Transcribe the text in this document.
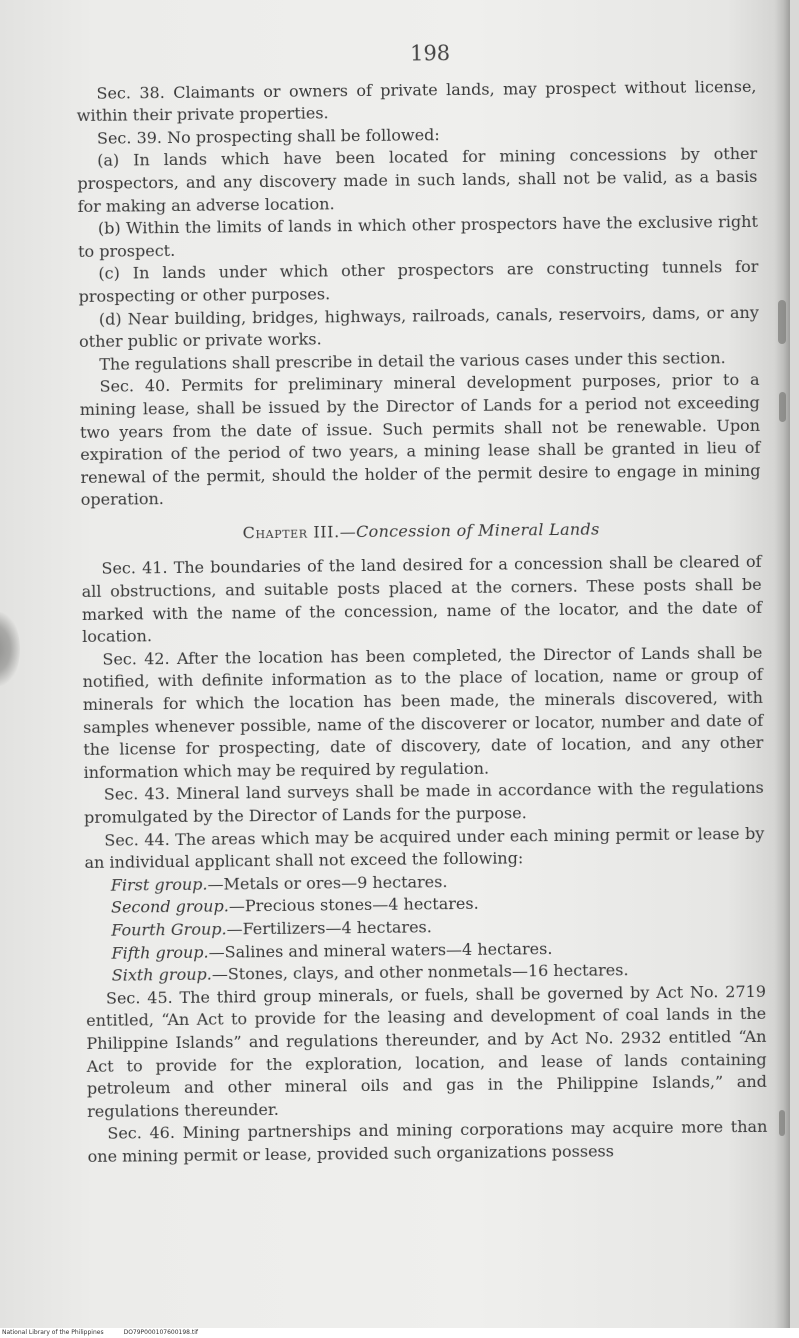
198

Sec. 38. Claimants or owners of private lands, may prospect without license, within their private properties.

Sec. 39. No prospecting shall be followed:

(a) In lands which have been located for mining concessions by other prospectors, and any discovery made in such lands, shall not be valid, as a basis for making an adverse location.

(b) Within the limits of lands in which other prospectors have the exclusive right to prospect.

(c) In lands under which other prospectors are constructing tunnels for prospecting or other purposes.

(d) Near building, bridges, highways, railroads, canals, reservoirs, dams, or any other public or private works.

The regulations shall prescribe in detail the various cases under this section.

Sec. 40. Permits for preliminary mineral development purposes, prior to a mining lease, shall be issued by the Director of Lands for a period not exceeding two years from the date of issue. Such permits shall not be renewable. Upon expiration of the period of two years, a mining lease shall be granted in lieu of renewal of the permit, should the holder of the permit desire to engage in mining operation.

Chapter III.—Concession of Mineral Lands

Sec. 41. The boundaries of the land desired for a concession shall be cleared of all obstructions, and suitable posts placed at the corners. These posts shall be marked with the name of the concession, name of the locator, and the date of location.

Sec. 42. After the location has been completed, the Director of Lands shall be notified, with definite information as to the place of location, name or group of minerals for which the location has been made, the minerals discovered, with samples whenever possible, name of the discoverer or locator, number and date of the license for prospecting, date of discovery, date of location, and any other information which may be required by regulation.

Sec. 43. Mineral land surveys shall be made in accordance with the regulations promulgated by the Director of Lands for the purpose.

Sec. 44. The areas which may be acquired under each mining permit or lease by an individual applicant shall not exceed the following:

First group.—Metals or ores—9 hectares.

Second group.—Precious stones—4 hectares.

Fourth Group.—Fertilizers—4 hectares.

Fifth group.—Salines and mineral waters—4 hectares.

Sixth group.—Stones, clays, and other nonmetals—16 hectares.

Sec. 45. The third group minerals, or fuels, shall be governed by Act No. 2719 entitled, “An Act to provide for the leasing and development of coal lands in the Philippine Islands” and regulations thereunder, and by Act No. 2932 entitled “An Act to provide for the exploration, location, and lease of lands containing petroleum and other mineral oils and gas in the Philippine Islands,” and regulations thereunder.

Sec. 46. Mining partnerships and mining corporations may acquire more than one mining permit or lease, provided such organizations possess

National Library of the Philippines	DO79P000107600198.tif
